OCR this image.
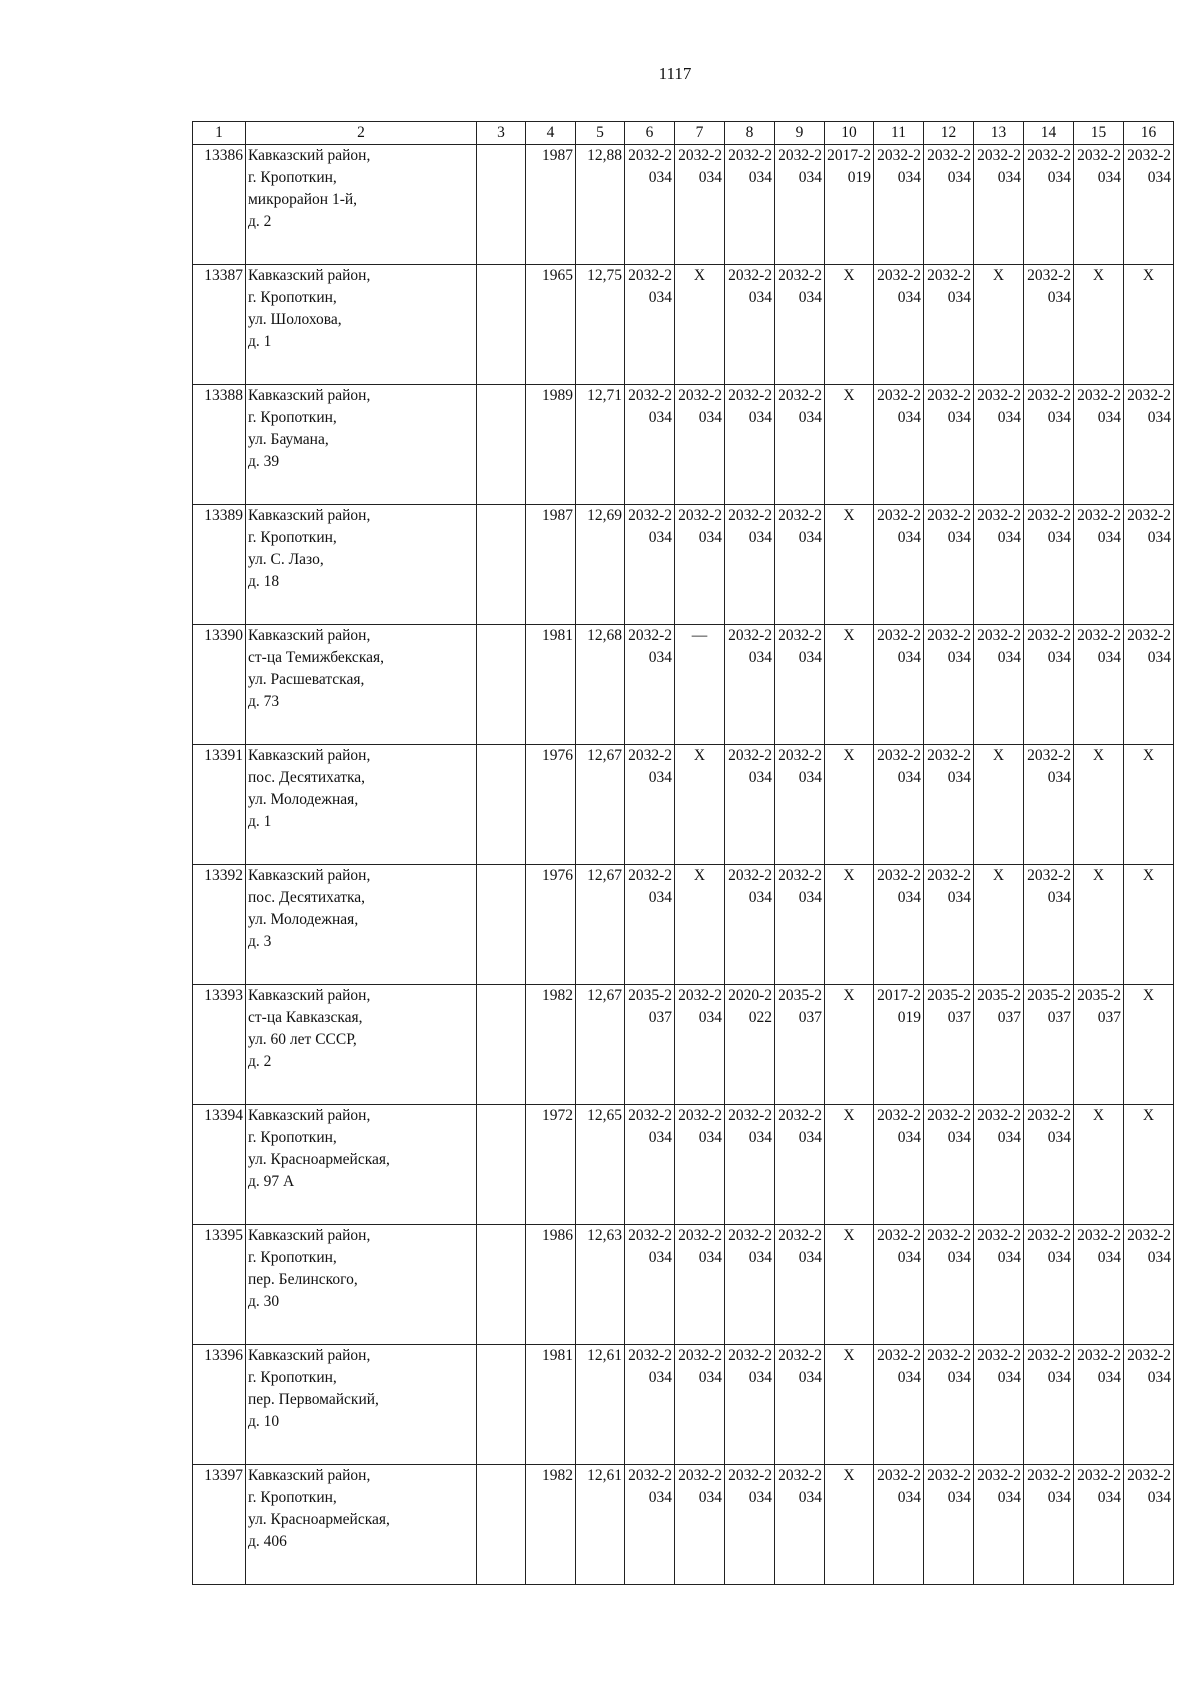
1117
1	2	3	4	5	6	7	8	9	10	11	12	13	14	15	16
13386	Кавказский район,
г. Кропоткин,
микрорайон 1-й,
д. 2		1987	12,88	2032-2034	2032-2034	2032-2034	2032-2034	2017-2019	2032-2034	2032-2034	2032-2034	2032-2034	2032-2034	2032-2034
13387	Кавказский район,
г. Кропоткин,
ул. Шолохова,
д. 1		1965	12,75	2032-2034	Х	2032-2034	2032-2034	Х	2032-2034	2032-2034	Х	2032-2034	Х	Х
13388	Кавказский район,
г. Кропоткин,
ул. Баумана,
д. 39		1989	12,71	2032-2034	2032-2034	2032-2034	2032-2034	Х	2032-2034	2032-2034	2032-2034	2032-2034	2032-2034	2032-2034
13389	Кавказский район,
г. Кропоткин,
ул. С. Лазо,
д. 18		1987	12,69	2032-2034	2032-2034	2032-2034	2032-2034	Х	2032-2034	2032-2034	2032-2034	2032-2034	2032-2034	2032-2034
13390	Кавказский район,
ст-ца Темижбекская,
ул. Расшеватская,
д. 73		1981	12,68	2032-2034	—	2032-2034	2032-2034	Х	2032-2034	2032-2034	2032-2034	2032-2034	2032-2034	2032-2034
13391	Кавказский район,
пос. Десятихатка,
ул. Молодежная,
д. 1		1976	12,67	2032-2034	Х	2032-2034	2032-2034	Х	2032-2034	2032-2034	Х	2032-2034	Х	Х
13392	Кавказский район,
пос. Десятихатка,
ул. Молодежная,
д. 3		1976	12,67	2032-2034	Х	2032-2034	2032-2034	Х	2032-2034	2032-2034	Х	2032-2034	Х	Х
13393	Кавказский район,
ст-ца Кавказская,
ул. 60 лет СССР,
д. 2		1982	12,67	2035-2037	2032-2034	2020-2022	2035-2037	Х	2017-2019	2035-2037	2035-2037	2035-2037	2035-2037	Х
13394	Кавказский район,
г. Кропоткин,
ул. Красноармейская,
д. 97 А		1972	12,65	2032-2034	2032-2034	2032-2034	2032-2034	Х	2032-2034	2032-2034	2032-2034	2032-2034	Х	Х
13395	Кавказский район,
г. Кропоткин,
пер. Белинского,
д. 30		1986	12,63	2032-2034	2032-2034	2032-2034	2032-2034	Х	2032-2034	2032-2034	2032-2034	2032-2034	2032-2034	2032-2034
13396	Кавказский район,
г. Кропоткин,
пер. Первомайский,
д. 10		1981	12,61	2032-2034	2032-2034	2032-2034	2032-2034	Х	2032-2034	2032-2034	2032-2034	2032-2034	2032-2034	2032-2034
13397	Кавказский район,
г. Кропоткин,
ул. Красноармейская,
д. 406		1982	12,61	2032-2034	2032-2034	2032-2034	2032-2034	Х	2032-2034	2032-2034	2032-2034	2032-2034	2032-2034	2032-2034
